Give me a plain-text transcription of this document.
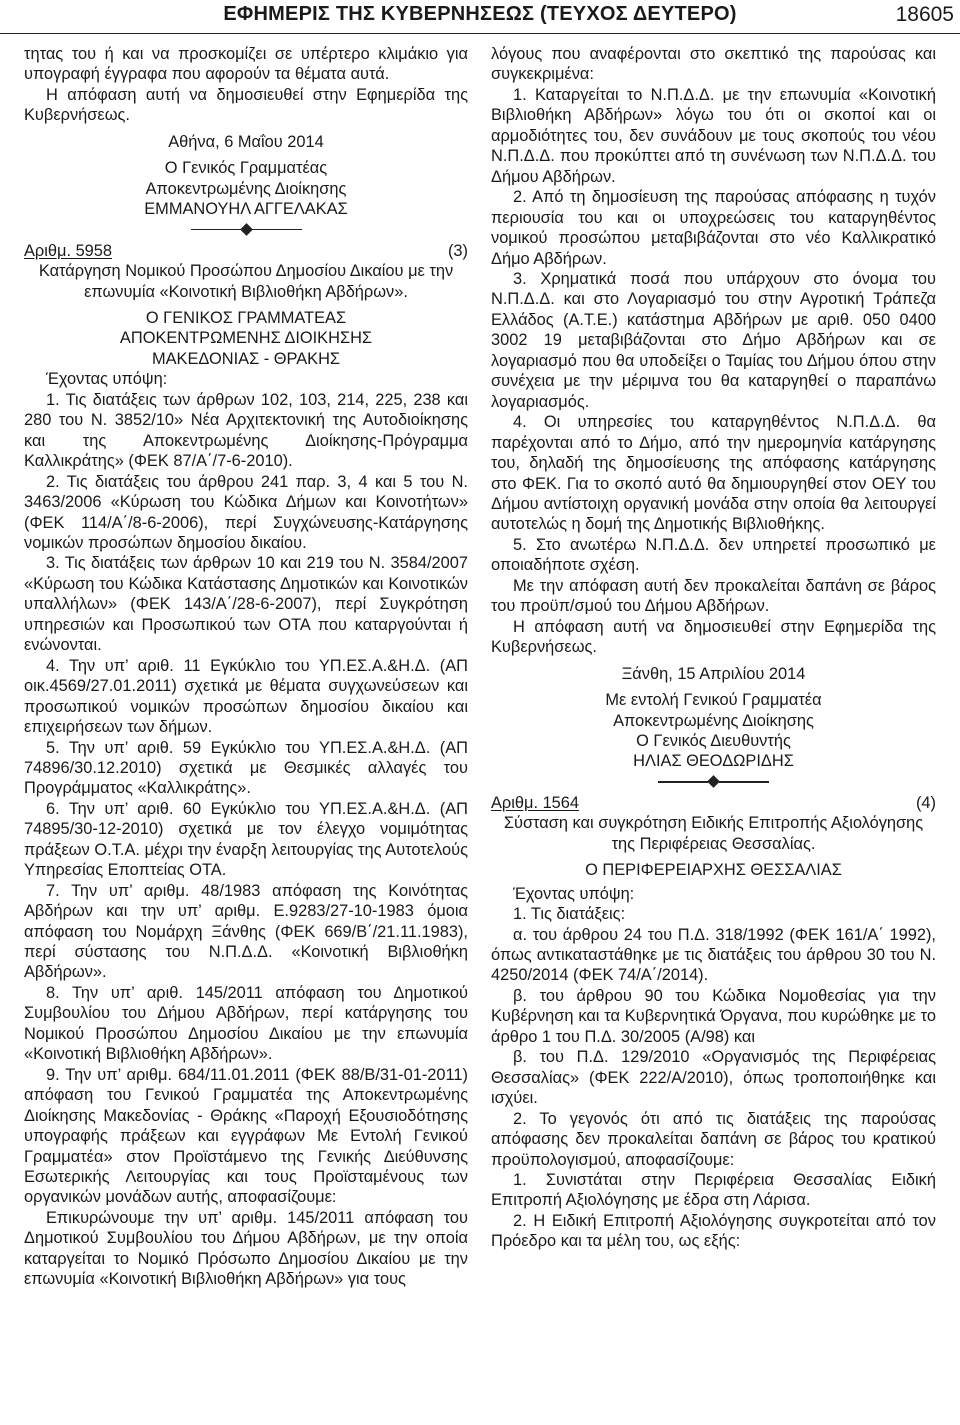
ΕΦΗΜΕΡΙΣ ΤΗΣ ΚΥΒΕΡΝΗΣΕΩΣ (ΤΕΥΧΟΣ ΔΕΥΤΕΡΟ)	18605

τητας του ή και να προσκομίζει σε υπέρτερο κλιμάκιο για υπογραφή έγγραφα που αφορούν τα θέματα αυτά.

Η απόφαση αυτή να δημοσιευθεί στην Εφημερίδα της Κυβερνήσεως.

Αθήνα, 6 Μαΐου 2014

Ο Γενικός Γραμματέας

Αποκεντρωμένης Διοίκησης

ΕΜΜΑΝΟΥΗΛ ΑΓΓΕΛΑΚΑΣ

Αριθμ. 5958	(3)

Κατάργηση Νομικού Προσώπου Δημοσίου Δικαίου με την επωνυμία «Κοινοτική Βιβλιοθήκη Αβδήρων».

Ο ΓΕΝΙΚΟΣ ΓΡΑΜΜΑΤΕΑΣ

ΑΠΟΚΕΝΤΡΩΜΕΝΗΣ ΔΙΟΙΚΗΣΗΣ

ΜΑΚΕΔΟΝΙΑΣ - ΘΡΑΚΗΣ

Έχοντας υπόψη:

1. Τις διατάξεις των άρθρων 102, 103, 214, 225, 238 και 280 του Ν. 3852/10» Νέα Αρχιτεκτονική της Αυτοδιοίκησης και της Αποκεντρωμένης Διοίκησης-Πρόγραμμα Καλλικράτης» (ΦΕΚ 87/Α΄/7-6-2010).

2. Τις διατάξεις του άρθρου 241 παρ. 3, 4 και 5 του Ν. 3463/2006 «Κύρωση του Κώδικα Δήμων και Κοινοτήτων» (ΦΕΚ 114/Α΄/8-6-2006), περί Συγχώνευσης-Κατάργησης νομικών προσώπων δημοσίου δικαίου.

3. Τις διατάξεις των άρθρων 10 και 219 του Ν. 3584/2007 «Κύρωση του Κώδικα Κατάστασης Δημοτικών και Κοινοτικών υπαλλήλων» (ΦΕΚ 143/Α΄/28-6-2007), περί Συγκρότηση υπηρεσιών και Προσωπικού των ΟΤΑ που καταργούνται ή ενώνονται.

4. Την υπ’ αριθ. 11 Εγκύκλιο του ΥΠ.ΕΣ.Α.&Η.Δ. (ΑΠ οικ.4569/27.01.2011) σχετικά με θέματα συγχωνεύσεων και προσωπικού νομικών προσώπων δημοσίου δικαίου και επιχειρήσεων των δήμων.

5. Την υπ’ αριθ. 59 Εγκύκλιο του ΥΠ.ΕΣ.Α.&Η.Δ. (ΑΠ 74896/30.12.2010) σχετικά με Θεσμικές αλλαγές του Προγράμματος «Καλλικράτης».

6. Την υπ’ αριθ. 60 Εγκύκλιο του ΥΠ.ΕΣ.Α.&Η.Δ. (ΑΠ 74895/30-12-2010) σχετικά με τον έλεγχο νομιμότητας πράξεων Ο.Τ.Α. μέχρι την έναρξη λειτουργίας της Αυτοτελούς Υπηρεσίας Εποπτείας ΟΤΑ.

7. Την υπ’ αριθμ. 48/1983 απόφαση της Κοινότητας Αβδήρων και την υπ’ αριθμ. Ε.9283/27-10-1983 όμοια απόφαση του Νομάρχη Ξάνθης (ΦΕΚ 669/Β΄/21.11.1983), περί σύστασης του Ν.Π.Δ.Δ. «Κοινοτική Βιβλιοθήκη Αβδήρων».

8. Την υπ’ αριθ. 145/2011 απόφαση του Δημοτικού Συμβουλίου του Δήμου Αβδήρων, περί κατάργησης του Νομικού Προσώπου Δημοσίου Δικαίου με την επωνυμία «Κοινοτική Βιβλιοθήκη Αβδήρων».

9. Την υπ’ αριθμ. 684/11.01.2011 (ΦΕΚ 88/Β/31-01-2011) απόφαση του Γενικού Γραμματέα της Αποκεντρωμένης Διοίκησης Μακεδονίας - Θράκης «Παροχή Εξουσιοδότησης υπογραφής πράξεων και εγγράφων Με Εντολή Γενικού Γραμματέα» στον Προϊστάμενο της Γενικής Διεύθυνσης Εσωτερικής Λειτουργίας και τους Προϊσταμένους των οργανικών μονάδων αυτής, αποφασίζουμε:

Επικυρώνουμε την υπ’ αριθμ. 145/2011 απόφαση του Δημοτικού Συμβουλίου του Δήμου Αβδήρων, με την οποία καταργείται το Νομικό Πρόσωπο Δημοσίου Δικαίου με την επωνυμία «Κοινοτική Βιβλιοθήκη Αβδήρων» για τους

λόγους που αναφέρονται στο σκεπτικό της παρούσας και συγκεκριμένα:

1. Καταργείται το Ν.Π.Δ.Δ. με την επωνυμία «Κοινοτική Βιβλιοθήκη Αβδήρων» λόγω του ότι οι σκοποί και οι αρμοδιότητες του, δεν συνάδουν με τους σκοπούς του νέου Ν.Π.Δ.Δ. που προκύπτει από τη συνένωση των Ν.Π.Δ.Δ. του Δήμου Αβδήρων.

2. Από τη δημοσίευση της παρούσας απόφασης η τυχόν περιουσία του και οι υποχρεώσεις του καταργηθέντος νομικού προσώπου μεταβιβάζονται στο νέο Καλλικρατικό Δήμο Αβδήρων.

3. Χρηματικά ποσά που υπάρχουν στο όνομα του Ν.Π.Δ.Δ. και στο Λογαριασμό του στην Αγροτική Τράπεζα Ελλάδος (Α.Τ.Ε.) κατάστημα Αβδήρων με αριθ. 050 0400 3002 19 μεταβιβάζονται στο Δήμο Αβδήρων και σε λογαριασμό που θα υποδείξει ο Ταμίας του Δήμου όπου στην συνέχεια με την μέριμνα του θα καταργηθεί ο παραπάνω λογαριασμός.

4. Οι υπηρεσίες του καταργηθέντος Ν.Π.Δ.Δ. θα παρέχονται από το Δήμο, από την ημερομηνία κατάργησης του, δηλαδή της δημοσίευσης της απόφασης κατάργησης στο ΦΕΚ. Για το σκοπό αυτό θα δημιουργηθεί στον ΟΕΥ του Δήμου αντίστοιχη οργανική μονάδα στην οποία θα λειτουργεί αυτοτελώς η δομή της Δημοτικής Βιβλιοθήκης.

5. Στο ανωτέρω Ν.Π.Δ.Δ. δεν υπηρετεί προσωπικό με οποιαδήποτε σχέση.

Με την απόφαση αυτή δεν προκαλείται δαπάνη σε βάρος του προϋπ/σμού του Δήμου Αβδήρων.

Η απόφαση αυτή να δημοσιευθεί στην Εφημερίδα της Κυβερνήσεως.

Ξάνθη, 15 Απριλίου 2014

Με εντολή Γενικού Γραμματέα

Αποκεντρωμένης Διοίκησης

Ο Γενικός Διευθυντής

ΗΛΙΑΣ ΘΕΟΔΩΡΙΔΗΣ

Αριθμ. 1564	(4)

Σύσταση και συγκρότηση Ειδικής Επιτροπής Αξιολόγησης της Περιφέρειας Θεσσαλίας.

Ο ΠΕΡΙΦΕΡΕΙΑΡΧΗΣ ΘΕΣΣΑΛΙΑΣ

Έχοντας υπόψη:

1. Τις διατάξεις:

α. του άρθρου 24 του Π.Δ. 318/1992 (ΦΕΚ 161/Α΄ 1992), όπως αντικαταστάθηκε με τις διατάξεις του άρθρου 30 του Ν. 4250/2014 (ΦΕΚ 74/Α΄/2014).

β. του άρθρου 90 του Κώδικα Νομοθεσίας για την Κυβέρνηση και τα Κυβερνητικά Όργανα, που κυρώθηκε με το άρθρο 1 του Π.Δ. 30/2005 (Α/98) και

β. του Π.Δ. 129/2010 «Οργανισμός της Περιφέρειας Θεσσαλίας» (ΦΕΚ 222/Α/2010), όπως τροποποιήθηκε και ισχύει.

2. Το γεγονός ότι από τις διατάξεις της παρούσας απόφασης δεν προκαλείται δαπάνη σε βάρος του κρατικού προϋπολογισμού, αποφασίζουμε:

1. Συνιστάται στην Περιφέρεια Θεσσαλίας Ειδική Επιτροπή Αξιολόγησης με έδρα στη Λάρισα.

2. Η Ειδική Επιτροπή Αξιολόγησης συγκροτείται από τον Πρόεδρο και τα μέλη του, ως εξής:
